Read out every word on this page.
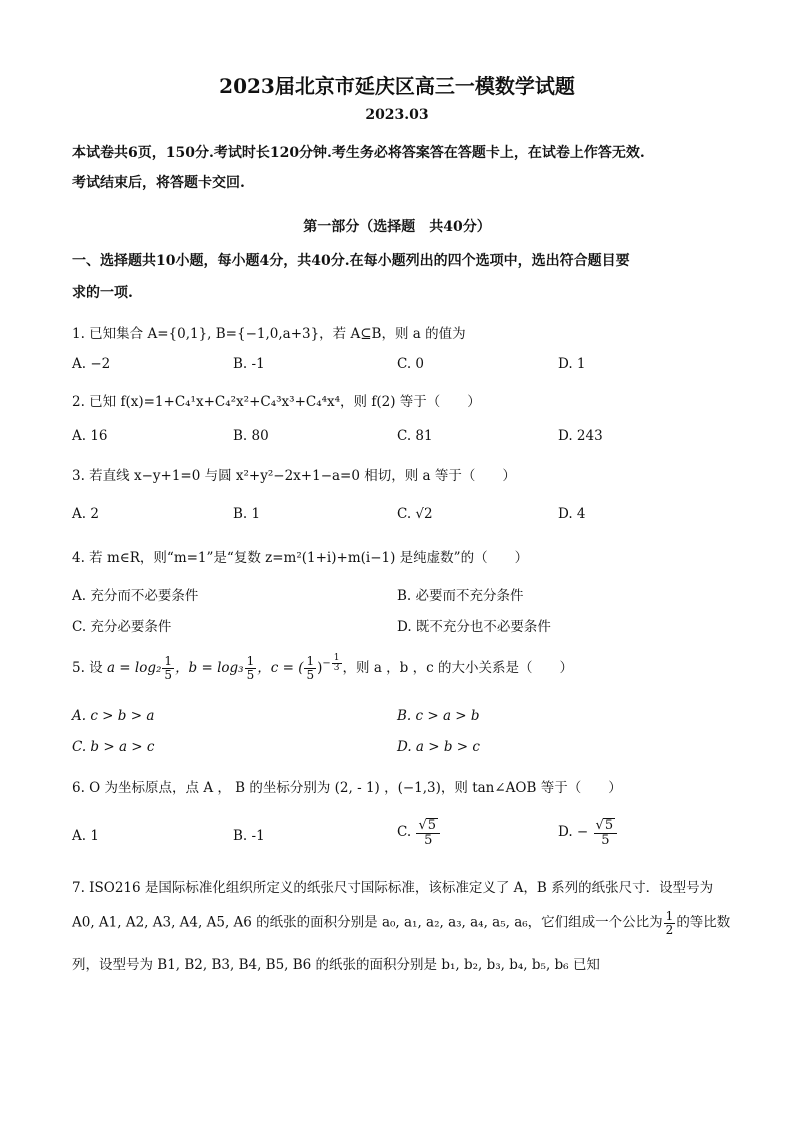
2023届北京市延庆区高三一模数学试题
2023.03
本试卷共6页，150分.考试时长120分钟.考生务必将答案答在答题卡上，在试卷上作答无效.
考试结束后，将答题卡交回.
第一部分（选择题　共40分）
一、选择题共10小题，每小题4分，共40分.在每小题列出的四个选项中，选出符合题目要
求的一项.
1. 已知集合 A={0,1}, B={−1,0,a+3}，若 A⊆B，则 a 的值为
A. −2	B. -1	C. 0	D. 1
2. 已知 f(x)=1+C₄¹x+C₄²x²+C₄³x³+C₄⁴x⁴，则 f(2) 等于（　　）
A. 16	B. 80	C. 81	D. 243
3. 若直线 x−y+1=0 与圆 x²+y²−2x+1−a=0 相切，则 a 等于（　　）
A. 2	B. 1	C. √2	D. 4
4. 若 m∈R，则“m=1”是“复数 z=m²(1+i)+m(i−1) 是纯虚数”的（　　）
A. 充分而不必要条件	B. 必要而不充分条件
C. 充分必要条件	D. 既不充分也不必要条件
5. 设 $a = \log_2 \frac{1}{5}$ ，$b = \log_3 \frac{1}{5}$ ，c = ( $\frac{1}{5} )^{- \frac{1}{3}}$ ，则 a ，b ，c 的大小关系是（　　）
A. c > b > a	B. c > a > b
C. b > a > c	D. a > b > c
6. O 为坐标原点，点 A ， B 的坐标分别为 (2, - 1) ，(−1,3)，则 tan∠AOB 等于（　　）
A. 1	B. -1	C. $\frac{√5}{5}$	D. − $\frac{√5}{5}$
7. ISO216 是国际标准化组织所定义的纸张尺寸国际标准，该标准定义了 A，B 系列的纸张尺寸．设型号为
A0, A1, A2, A3, A4, A5, A6 的纸张的面积分别是 a₀, a₁, a₂, a₃, a₄, a₅, a₆，它们组成一个公比为 $\frac{1}{2}$ 的等比数
列，设型号为 B1, B2, B3, B4, B5, B6 的纸张的面积分别是 b₁, b₂, b₃, b₄, b₅, b₆ 已知
